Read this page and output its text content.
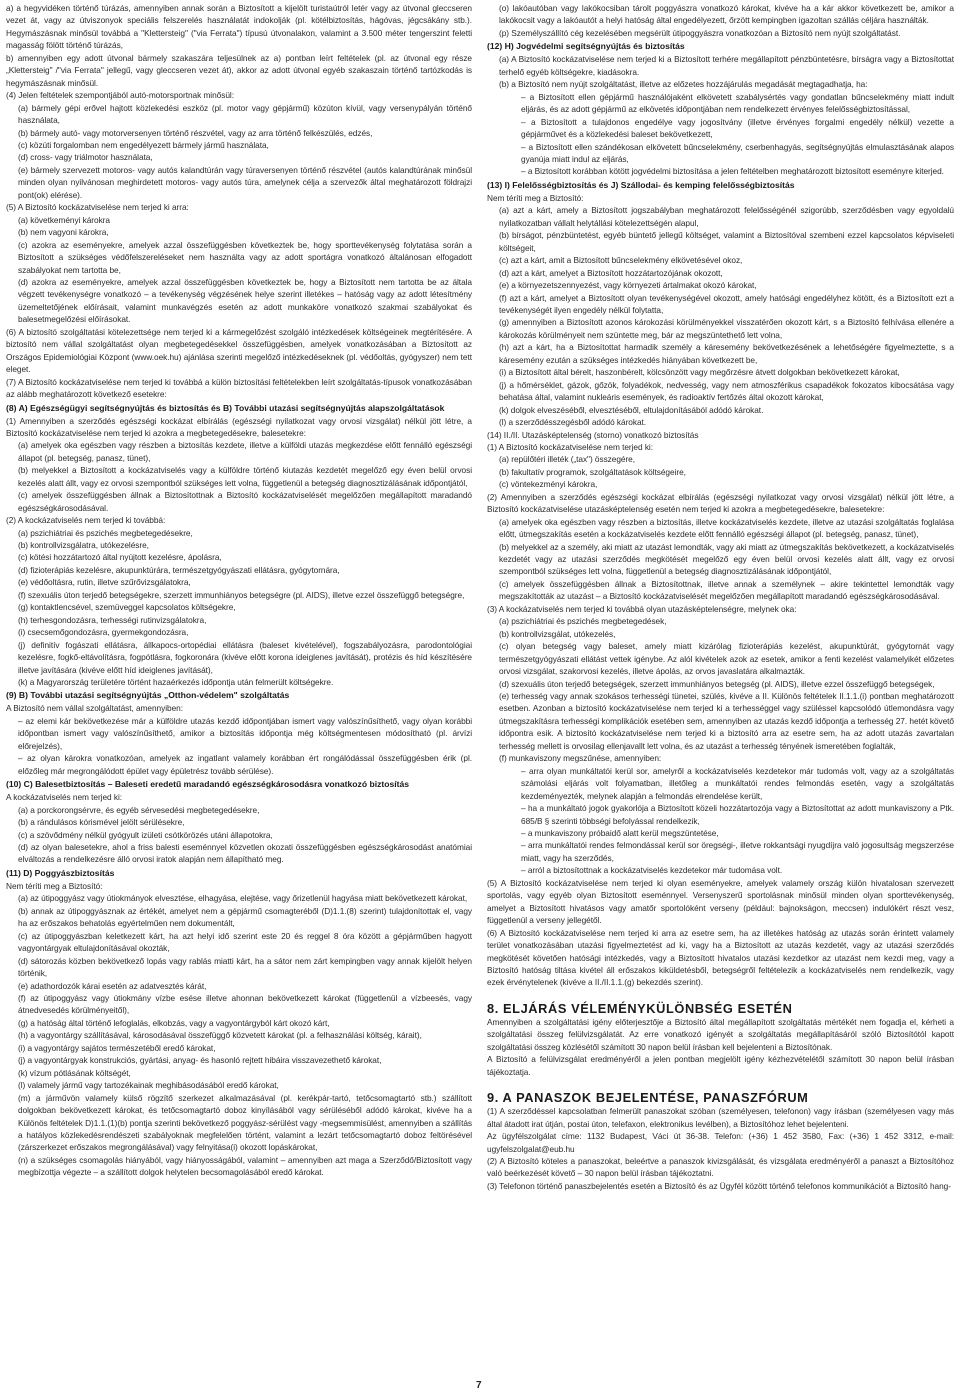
a) a hegyvidéken történő túrázás, amennyiben annak során a Biztosított a kijelölt turistaútról letér vagy az útvonal gleccseren vezet át, vagy az útviszonyok speciális felszerelés használatát indokolják (pl. kötélbiztosítás, hágóvas, jégcsákány stb.). Hegymászásnak minősül továbbá a "Klettersteig" ("via Ferrata") típusú útvonalakon, valamint a 3.500 méter tengerszint feletti magasság fölött történő túrázás,

b) amennyiben egy adott útvonal bármely szakaszára teljesülnek az a) pontban leírt feltételek (pl. az útvonal egy része „Klettersteig" /"via Ferrata" jellegű, vagy gleccseren vezet át), akkor az adott útvonal egyéb szakaszain történő tartózkodás is hegymászásnak minősül.

(4) Jelen feltételek szempontjából autó-motorsportnak minősül:

(a) bármely gépi erővel hajtott közlekedési eszköz (pl. motor vagy gépjármű) közúton kívül, vagy versenypályán történő használata,

(b) bármely autó- vagy motorversenyen történő részvétel, vagy az arra történő felkészülés, edzés,

(c) közúti forgalomban nem engedélyezett bármely jármű használata,

(d) cross- vagy triálmotor használata,

(e) bármely szervezett motoros- vagy autós kalandtúrán vagy túraversenyen történő részvétel (autós kalandtúrának minősül minden olyan nyilvánosan meghirdetett motoros- vagy autós túra, amelynek célja a szervezők által meghatározott földrajzi pont(ok) elérése).

(5) A Biztosító kockázatviselése nem terjed ki arra:

(a) követkeményi károkra

(b) nem vagyoni károkra,

(c) azokra az eseményekre, amelyek azzal összefüggésben következtek be, hogy sporttevékenység folytatása során a Biztosított a szükséges védőfelszereléseket nem használta vagy az adott sportágra vonatkozó általánosan elfogadott szabályokat nem tartotta be,

(d) azokra az eseményekre, amelyek azzal összefüggésben következtek be, hogy a Biztosított nem tartotta be az általa végzett tevékenységre vonatkozó – a tevékenység végzésének helye szerint illetékes – hatóság vagy az adott létesítmény üzemeltetőjének előírásait, valamint munkavégzés esetén az adott munkaköre vonatkozó szakmai szabályokat és balesetmegelőzési előírásokat.

(6) A biztosító szolgáltatási kötelezettsége nem terjed ki a kármegelőzést szolgáló intézkedések költségeinek megtérítésére. A biztosító nem vállal szolgáltatást olyan megbetegedésekkel összefüggésben, amelyek vonatkozásában a Biztosított az Országos Epidemiológiai Központ (www.oek.hu) ajánlása szerinti megelőző intézkedéseknek (pl. védőoltás, gyógyszer) nem tett eleget.

(7) A Biztosító kockázatviselése nem terjed ki továbbá a külön biztosítási feltételekben leírt szolgáltatás-típusok vonatkozásában az alább meghatározott következő esetekre:

(8) A) Egészségügyi segítségnyújtás és biztosítás és B) További utazási segítségnyújtás alapszolgáltatások

(1) Amennyiben a szerződés egészségi kockázat elbírálás (egészségi nyilatkozat vagy orvosi vizsgálat) nélkül jött létre, a Biztosító kockázatviselése nem terjed ki azokra a megbetegedésekre, balesetekre:

(a) amelyek oka egészben vagy részben a biztosítás kezdete, illetve a külföldi utazás megkezdése előtt fennálló egészségi állapot (pl. betegség, panasz, tünet),

(b) melyekkel a Biztosított a kockázatviselés vagy a külföldre történő kiutazás kezdetét megelőző egy éven belül orvosi kezelés alatt állt, vagy ez orvosi szempontból szükséges lett volna, függetlenül a betegség diagnosztizálásának időpontjától,

(c) amelyek összefüggésben állnak a Biztosítottnak a Biztosító kockázatviselését megelőzően megállapított maradandó egészségkárosodásával.

(2) A kockázatviselés nem terjed ki továbbá:

(a) pszichiátriai és pszichés megbetegedésekre,

(b) kontrollvizsgálatra, utókezelésre,

(c) kötési hozzátartozó által nyújtott kezelésre, ápolásra,

(d) fizioterápiás kezelésre, akupunktúrára, természetgyógyászati ellátásra, gyógytornára,

(e) védőoltásra, rutin, illetve szűrővizsgálatokra,

(f) szexuális úton terjedő betegségekre, szerzett immunhiányos betegségre (pl. AIDS), illetve ezzel összefüggő betegségre,

(g) kontaktlencsével, szemüveggel kapcsolatos költségekre,

(h) terhesgondozásra, terhességi rutinvizsgálatokra,

(i) csecsemőgondozásra, gyermekgondozásra,

(j) definitív fogászati ellátásra, állkapocs-ortopédiai ellátásra (baleset kivételével), fogszabályozásra, parodontológiai kezelésre, fogkő-eltávolításra, fogpótlásra, fogkoronára (kivéve előtt korona ideiglenes javítását), protézis és híd készítésére illetve javítására (kivéve előtt híd ideiglenes javítását),

(k) a Magyarország területére történt hazaérkezés időpontja után felmerült költségekre.

(9) B) További utazási segítségnyújtás „Otthon-védelem" szolgáltatás

A Biztosító nem vállal szolgáltatást, amennyiben:

– az elemi kár bekövetkezése már a külföldre utazás kezdő időpontjában ismert vagy valószínűsíthető, vagy olyan korábbi időpontban ismert vagy valószínűsíthető, amikor a biztosítás időpontja még költségmentesen módosítható (pl. árvízi előrejelzés),

– az olyan károkra vonatkozóan, amelyek az ingatlant valamely korábban ért rongálódással összefüggésben érik (pl. előzőleg már megrongálódott épület vagy épületrész tovább sérülése).

(10) C) Balesetbiztosítás – Baleseti eredetű maradandó egészségkárosodásra vonatkozó biztosítás

A kockázatviselés nem terjed ki:

(a) a porckorongsérvre, és egyéb sérvesedési megbetegedésekre,

(b) a rándulásos kórismével jelölt sérülésekre,

(c) a szövődmény nélkül gyógyult izületi csótkörözés utáni állapotokra,

(d) az olyan balesetekre, ahol a friss balesti eseménnyel közvetlen okozati összefüggésben egészségkárosodást anatómiai elváltozás a rendelkezésre álló orvosi iratok alapján nem állapítható meg.

(11) D) Poggyászbiztosítás

Nem téríti meg a Biztosító:

(a) az útipoggyász vagy útiokmányok elvesztése, elhagyása, elejtése, vagy őrizetlenül hagyása miatt bekövetkezett károkat,

(b) annak az útipoggyásznak az értékét, amelyet nem a gépjármű csomagteréből (D)1.1.(8) szerint) tulajdonítottak el, vagy ha az erőszakos behatolás egyértelműen nem dokumentált,

(c) az útipoggyászban keletkezett kárt, ha azt helyi idő szerint este 20 és reggel 8 óra között a gépjárműben hagyott vagyontárgyak eltulajdonításával okozták,

(d) sátorozás közben bekövetkező lopás vagy rablás miatti kárt, ha a sátor nem zárt kempingben vagy annak kijelölt helyen történik,

(e) adathordozók kárai esetén az adatvesztés kárát,

(f) az útipoggyász vagy útiokmány vízbe esése illetve ahonnan bekövetkezett károkat (függetlenül a vízbeesés, vagy átnedvesedés körülményeitől),

(g) a hatóság által történő lefoglalás, elkobzás, vagy a vagyontárgyból kárt okozó kárt,

(h) a vagyontárgy szállításával, károsodásával összefüggő közvetett károkat (pl. a felhasználási költség, kárait),

(i) a vagyontárgy sajátos természetéből eredő károkat,

(j) a vagyontárgyak konstrukciós, gyártási, anyag- és hasonló rejtett hibáira visszavezethető károkat,

(k) vízum pótlásának költségét,

(l) valamely jármű vagy tartozékainak meghibásodásából eredő károkat,

(m) a járművön valamely külső rögzítő szerkezet alkalmazásával (pl. kerékpár-tartó, tetőcsomagtartó stb.) szállított dolgokban bekövetkezett károkat, és tetőcsomagtartó doboz kinyílásából vagy sérüléséből adódó károkat, kivéve ha a Különös feltételek D)1.1.(1)(b) pontja szerinti bekövetkező poggyász-sérülést vagy -megsemmisülést, amennyiben a szállítás a hatályos közlekedésrendészeti szabályoknak megfelelően történt, valamint a lezárt tetőcsomagtartó doboz feltörésével (zárszerkezet erőszakos megrongálásával) vagy felnyitása(i) okozott lopáskárokat,

(n) a szükséges csomagolás hiányából, vagy hiányosságából, valamint – amennyiben azt maga a Szerződő/Biztosított vagy megbízottja végezte – a szállított dolgok helytelen becsomagolásából eredő károkat.

(o) lakóautóban vagy lakókocsiban tárolt poggyászra vonatkozó károkat, kivéve ha a kár akkor következett be, amikor a lakókocsit vagy a lakóautót a helyi hatóság által engedélyezett, őrzött kempingben igazoltan szállás céljára használták.

(p) Személyszállító cég kezelésében megsérült útipoggyászra vonatkozóan a Biztosító nem nyújt szolgáltatást.

(12) H) Jogvédelmi segítségnyújtás és biztosítás

(a) A Biztosító kockázatviselése nem terjed ki a Biztosított terhére megállapított pénzbüntetésre, bírságra vagy a Biztosítottat terhelő egyéb költségekre, kiadásokra.

(b) a Biztosító nem nyújt szolgáltatást, illetve az előzetes hozzájárulás megadását megtagadhatja, ha:

– a Biztosított ellen gépjármű használójaként elkövetett szabálysértés vagy gondatlan bűncselekmény miatt indult eljárás, és az adott gépjármű az elkövetés időpontjában nem rendelkezett érvényes felelősségbiztosítással,

– a Biztosított a tulajdonos engedélye vagy jogosítvány (illetve érvényes forgalmi engedély nélkül) vezette a gépjárművet és a közlekedési baleset bekövetkezett,

– a Biztosított ellen szándékosan elkövetett bűncselekmény, cserbenhagyás, segítségnyújtás elmulasztásának alapos gyanúja miatt indul az eljárás,

– a Biztosított korábban kötött jogvédelmi biztosítása a jelen feltételben meghatározott biztosított eseményre kiterjed.

(13) I) Felelősségbiztosítás és J) Szállodai- és kemping felelősségbiztosítás

Nem téríti meg a Biztosító:

(a) azt a kárt, amely a Biztosított jogszabályban meghatározott felelősségénél szigorúbb, szerződésben vagy egyoldalú nyilatkozatban vállalt helytállási kötelezettségén alapul,

(b) bírságot, pénzbüntetést, egyéb büntető jellegű költséget, valamint a Biztosítóval szembeni ezzel kapcsolatos képviseleti költségeit,

(c) azt a kárt, amit a Biztosított bűncselekmény elkövetésével okoz,

(d) azt a kárt, amelyet a Biztosított hozzátartozójának okozott,

(e) a környezetszennyezést, vagy környezeti ártalmakat okozó károkat,

(f) azt a kárt, amelyet a Biztosított olyan tevékenységével okozott, amely hatósági engedélyhez kötött, és a Biztosított ezt a tevékenységét ilyen engedély nélkül folytatta,

(g) amennyiben a Biztosított azonos károkozási körülményekkel visszatérően okozott kárt, s a Biztosító felhívása ellenére a károkozás körülményeit nem szüntette meg, bár az megszüntethető lett volna,

(h) azt a kárt, ha a Biztosítottat harmadik személy a káresemény bekövetkezésének a lehetőségére figyelmeztette, s a káresemény ezután a szükséges intézkedés hiányában következett be,

(i) a Biztosított által bérelt, haszonbérelt, kölcsönzött vagy megőrzésre átvett dolgokban bekövetkezett károkat,

(j) a hőmérséklet, gázok, gőzök, folyadékok, nedvesség, vagy nem atmoszférikus csapadékok fokozatos kibocsátása vagy behatása által, valamint nukleáris események, és radioaktív fertőzés által okozott károkat,

(k) dolgok elveszéséből, elvesztéséből, eltulajdonításából adódó károkat.

(l) a szerződésszegésből adódó károkat.

(14) II./II. Utazásképtelenség (storno) vonatkozó biztosítás

(1) A Biztosító kockázatviselése nem terjed ki:

(a) repülőtéri illeték („tax") összegére,

(b) fakultatív programok, szolgáltatások költségeire,

(c) vöntekezményi károkra,

(2) Amennyiben a szerződés egészségi kockázat elbírálás (egészségi nyilatkozat vagy orvosi vizsgálat) nélkül jött létre, a Biztosító kockázatviselése utazásképtelenség esetén nem terjed ki azokra a megbetegedésekre, balesetekre:

(a) amelyek oka egészben vagy részben a biztosítás, illetve kockázatviselés kezdete, illetve az utazási szolgáltatás foglalása előtt, útmegszakítás esetén a kockázatviselés kezdete előtt fennálló egészségi állapot (pl. betegség, panasz, tünet),

(b) melyekkel az a személy, aki miatt az utazást lemondták, vagy aki miatt az útmegszakítás bekövetkezett, a kockázatviselés kezdetét vagy az utazási szerződés megkötését megelőző egy éven belül orvosi kezelés alatt állt, vagy ez orvosi szempontból szükséges lett volna, függetlenül a betegség diagnosztizálásának időpontjától,

(c) amelyek összefüggésben állnak a Biztosítottnak, illetve annak a személynek – akire tekintettel lemondták vagy megszakították az utazást – a Biztosító kockázatviselését megelőzően megállapított maradandó egészségkárosodásával.

(3) A kockázatviselés nem terjed ki továbbá olyan utazásképtelenségre, melynek oka:

(a) pszichiátriai és pszichés megbetegedések,

(b) kontrollvizsgálat, utókezelés,

(c) olyan betegség vagy baleset, amely miatt kizárólag fizioterápiás kezelést, akupunktúrát, gyógytornát vagy természetgyógyászati ellátást vettek igénybe. Az alól kivételek azok az esetek, amikor a fenti kezelést valamelyikét előzetes orvosi vizsgálat, szakorvosi kezelés, illetve ápolás, az orvos javaslatára alkalmazták.

(d) szexuális úton terjedő betegségek, szerzett immunhiányos betegség (pl. AIDS), illetve ezzel összefüggő betegségek,

(e) terhesség vagy annak szokásos terhességi tünetei, szülés, kivéve a II. Különös feltételek II.1.1.(i) pontban meghatározott esetben. Azonban a biztosító kockázatviselése nem terjed ki a terhességgel vagy szüléssel kapcsolódó útlemondásra vagy útmegszakításra terhességi komplikációk esetében sem, amennyiben az utazás kezdő időpontja a terhesség 27. hetét követő időpontra esik. A biztosító kockázatviselése nem terjed ki a biztosító arra az esetre sem, ha az adott utazás zavartalan terhesség mellett is orvosilag ellenjavallt lett volna, és az utazást a terhesség tényének ismeretében foglalták,

(f) munkaviszony megszűnése, amennyiben:

– arra olyan munkáltatói kerül sor, amelyről a kockázatviselés kezdetekor már tudomás volt, vagy az a szolgáltatás számolási eljárás volt folyamatban, illetőleg a munkáltatói rendes felmondás esetén, vagy a szolgáltatás kezdeményezték, melynek alapján a felmondás elrendelése került,

– ha a munkáltató jogok gyakorlója a Biztosított közeli hozzátartozója vagy a Biztosítottat az adott munkaviszony a Ptk. 685/B § szerinti többségi befolyással rendelkezik,

– a munkaviszony próbaidő alatt kerül megszüntetése,

– arra munkáltatói rendes felmondással kerül sor öregségi-, illetve rokkantsági nyugdíjra való jogosultság megszerzése miatt, vagy ha szerződés,

– arról a biztosítottnak a kockázatviselés kezdetekor már tudomása volt.

(5) A Biztosító kockázatviselése nem terjed ki olyan eseményekre, amelyek valamely ország külön hivatalosan szervezett sportolás, vagy egyéb olyan Biztosított eseménnyel. Versenyszerű sportolásnak minősül minden olyan sporttevékenység, amelyet a Biztosított hivatásos vagy amatőr sportolóként verseny (például: bajnokságon, meccsen) indulókért részt vesz, függetlenül a verseny jellegétől.

(6) A Biztosító kockázatviselése nem terjed ki arra az esetre sem, ha az illetékes hatóság az utazás során érintett valamely terület vonatkozásában utazási figyelmeztetést ad ki, vagy ha a Biztosított az utazás kezdetét, vagy az utazási szerződés megkötését követően hatósági intézkedés, vagy a Biztosított hivatalos utazási kezdetkor az utazást nem kezdi meg, vagy a Biztosító hatóság tiltása kivétel áll erőszakos kiküldetésből, betegségről feltételezik a kockázatviselés nem rendelkezik, vagy ezek érvénytelenek (kivéve a II./II.1.1.(g) bekezdés szerint).

8. ELJÁRÁS VÉLEMÉNYKÜLÖNBSÉG ESETÉN

Amennyiben a szolgáltatási igény előterjesztője a Biztosító által megállapított szolgáltatás mértékét nem fogadja el, kérheti a szolgáltatási összeg felülvizsgálatát. Az erre vonatkozó igényét a szolgáltatás megállapításáról szóló Biztosítótól kapott szolgáltatási összeg közlésétől számított 30 napon belül írásban kell bejelenteni a Biztosítónak.

A Biztosító a felülvizsgálat eredményéről a jelen pontban megjelölt igény kézhezvételétől számított 30 napon belül írásban tájékoztatja.

9. A PANASZOK BEJELENTÉSE, PANASZFÓRUM

(1) A szerződéssel kapcsolatban felmerült panaszokat szóban (személyesen, telefonon) vagy írásban (személyesen vagy más által átadott irat útján, postai úton, telefaxon, elektronikus levélben), a Biztosítóhoz lehet bejelenteni.

Az ügyfélszolgálat címe: 1132 Budapest, Váci út 36-38. Telefon: (+36) 1 452 3580, Fax: (+36) 1 452 3312, e-mail: ugyfelszolgalat@eub.hu

(2) A Biztosító köteles a panaszokat, beleértve a panaszok kivizsgálását, és vizsgálata eredményéről a panaszt a Biztosítóhoz való beérkezését követő – 30 napon belül írásban tájékoztatni.

(3) Telefonon történő panaszbejelentés esetén a Biztosító és az Ügyfél között történő telefonos kommunikációt a Biztosító hang-

7
